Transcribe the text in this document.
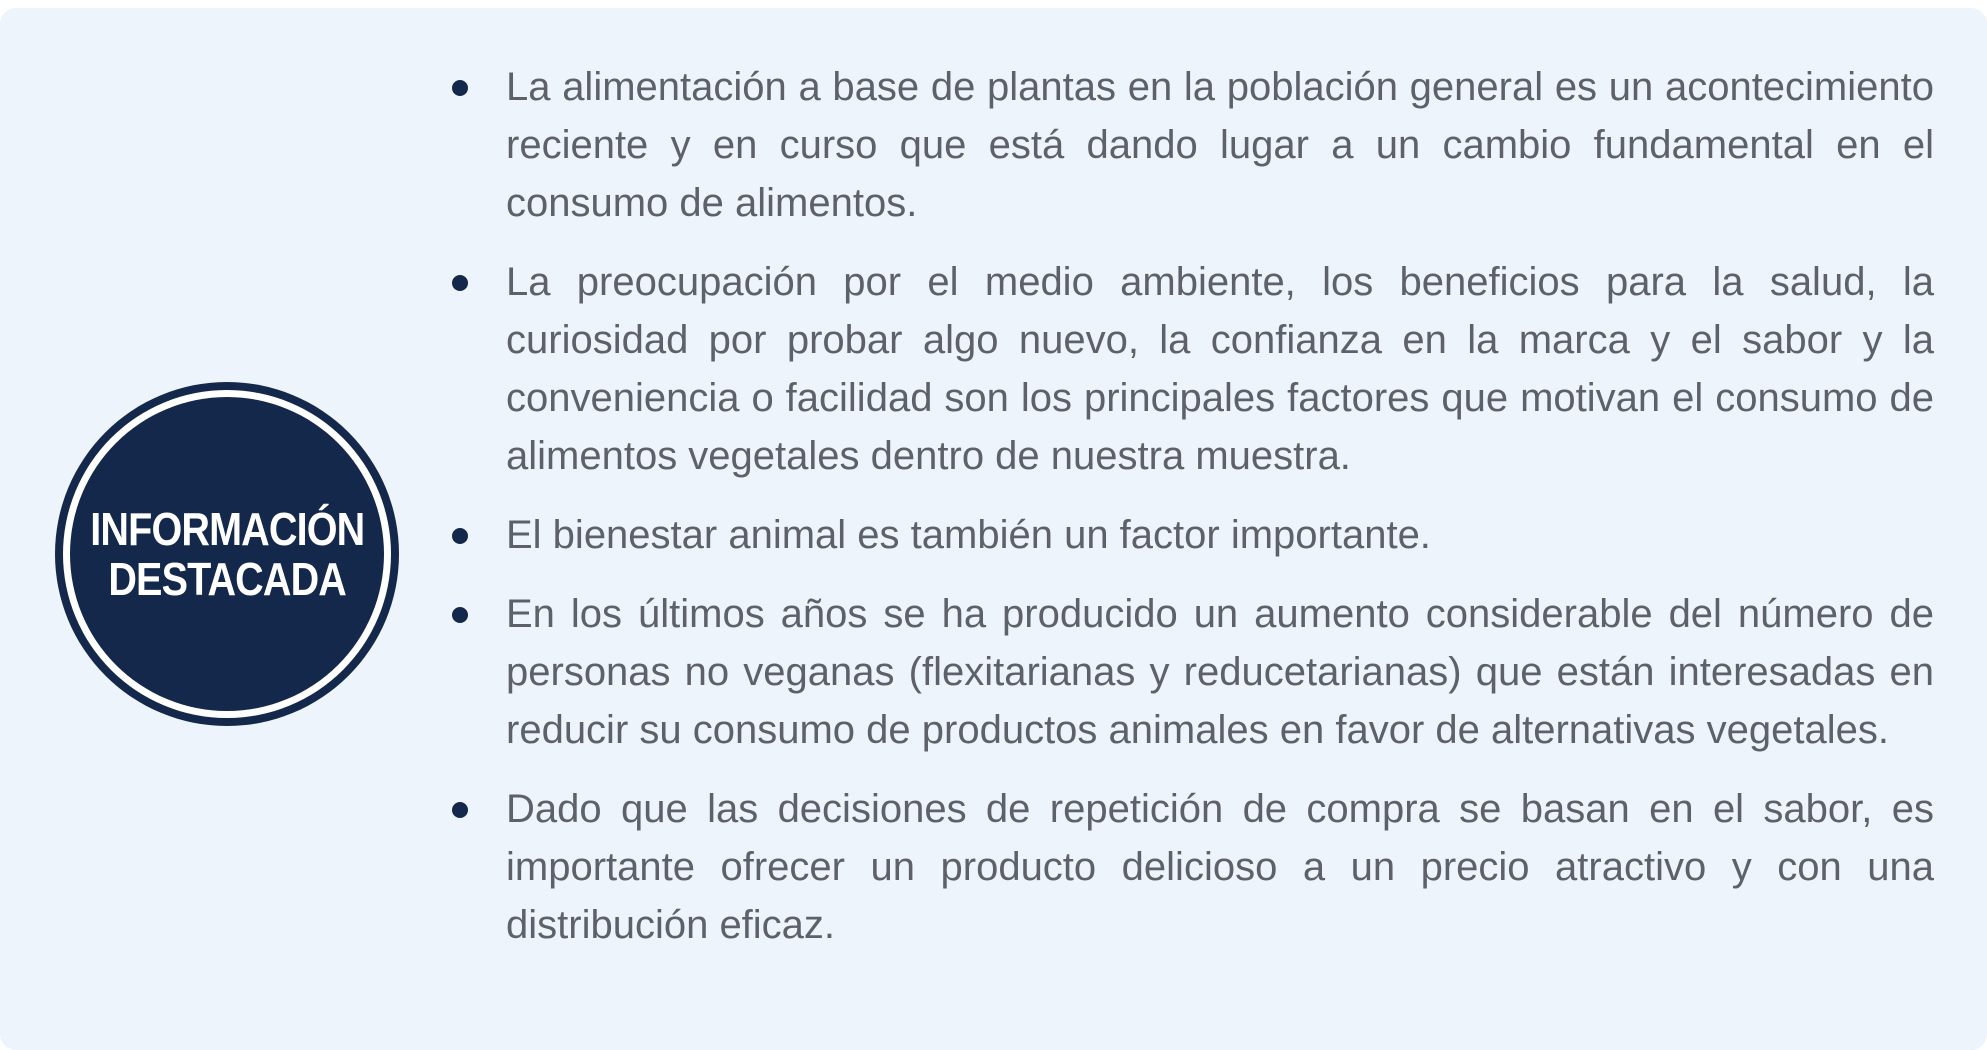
INFORMACIÓN
DESTACADA
La alimentación a base de plantas en la población general es un acontecimiento reciente y en curso que está dando lugar a un cambio fundamental en el consumo de alimentos.
La preocupación por el medio ambiente, los beneficios para la salud, la curiosidad por probar algo nuevo, la confianza en la marca y el sabor y la conveniencia o facilidad son los principales factores que motivan el consumo de alimentos vegetales dentro de nuestra muestra.
El bienestar animal es también un factor importante.
En los últimos años se ha producido un aumento considerable del número de personas no veganas (flexitarianas y reducetarianas) que están interesadas en reducir su consumo de productos animales en favor de alternativas vegetales.
Dado que las decisiones de repetición de compra se basan en el sabor, es importante ofrecer un producto delicioso a un precio atractivo y con una distribución eficaz.
